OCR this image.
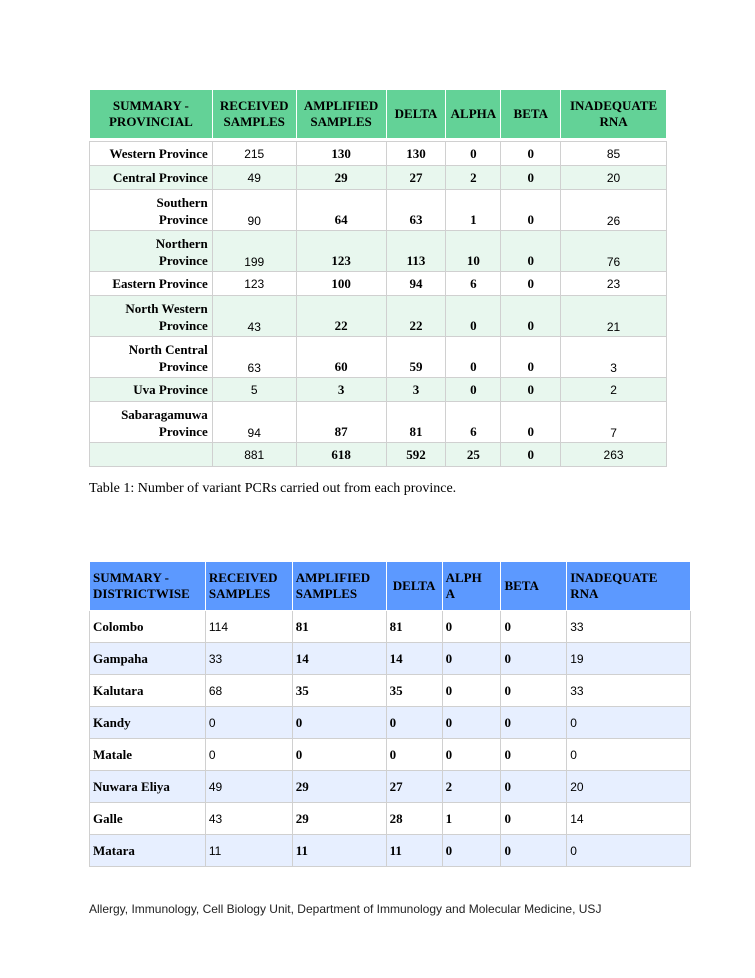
SUMMARY - PROVINCIAL	RECEIVED SAMPLES	AMPLIFIED SAMPLES	DELTA	ALPHA	BETA	INADEQUATE RNA

Western Province	215	130	130	0	0	85
Central Province	49	29	27	2	0	20
Southern Province	90	64	63	1	0	26
Northern Province	199	123	113	10	0	76
Eastern Province	123	100	94	6	0	23
North Western Province	43	22	22	0	0	21
North Central Province	63	60	59	0	0	3
Uva Province	5	3	3	0	0	2
Sabaragamuwa Province	94	87	81	6	0	7
	881	618	592	25	0	263
Table 1: Number of variant PCRs carried out from each province.
SUMMARY - DISTRICTWISE	RECEIVED SAMPLES	AMPLIFIED SAMPLES	DELTA	ALPHA	BETA	INADEQUATE RNA
Colombo	114	81	81	0	0	33
Gampaha	33	14	14	0	0	19
Kalutara	68	35	35	0	0	33
Kandy	0	0	0	0	0	0
Matale	0	0	0	0	0	0
Nuwara Eliya	49	29	27	2	0	20
Galle	43	29	28	1	0	14
Matara	11	11	11	0	0	0
Allergy, Immunology, Cell Biology Unit, Department of Immunology and Molecular Medicine, USJ
